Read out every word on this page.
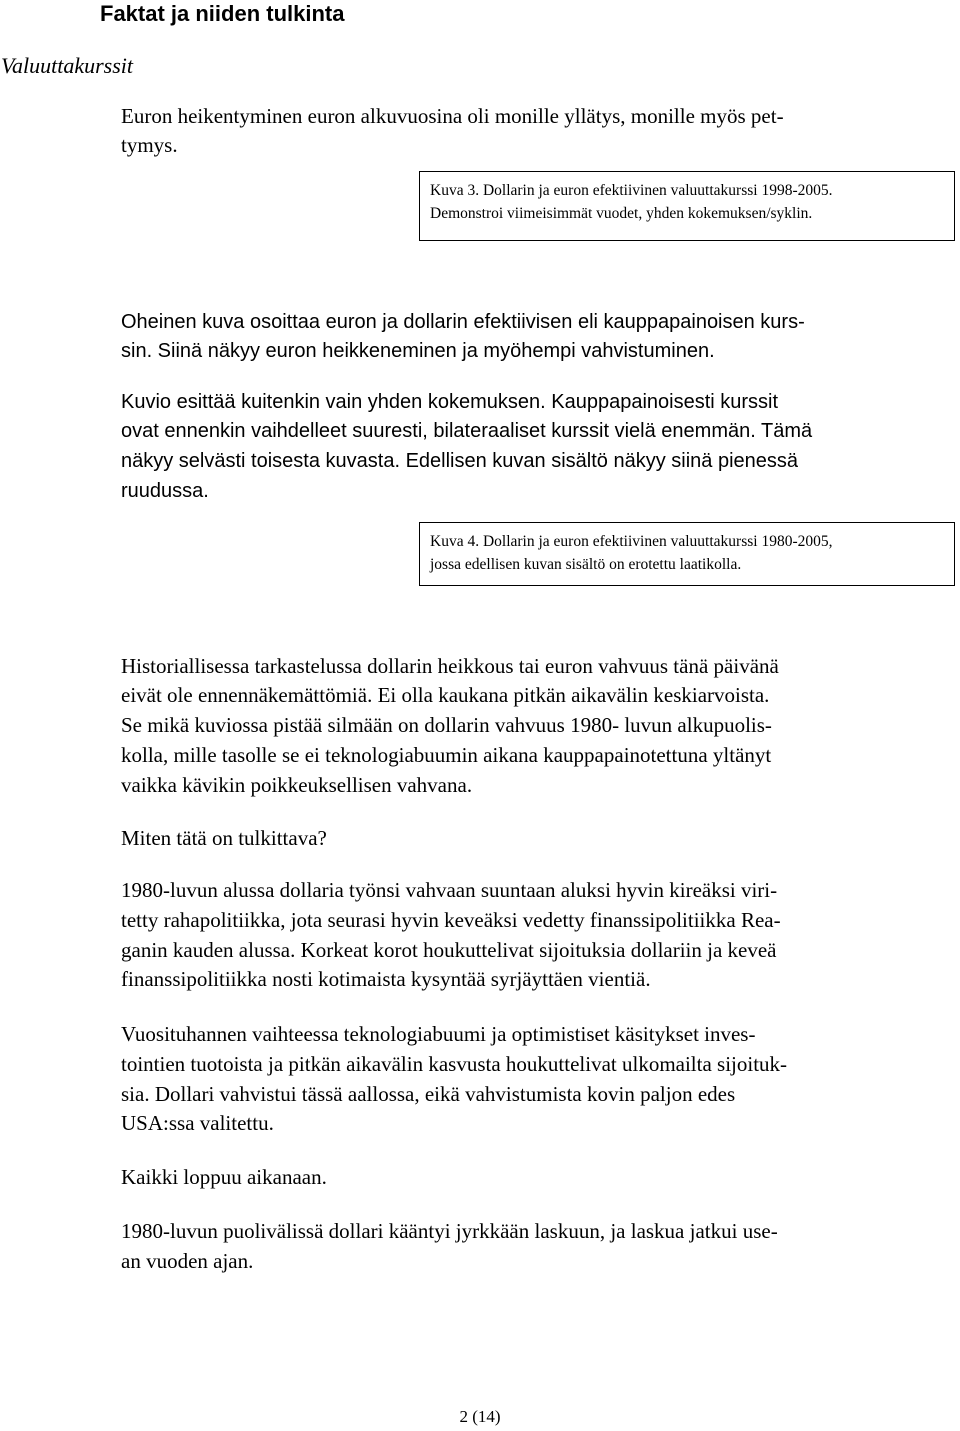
Faktat ja niiden tulkinta
Valuuttakurssit
Euron heikentyminen euron alkuvuosina oli monille yllätys, monille myös pet-
tymys.
Kuva 3. Dollarin ja euron efektiivinen valuuttakurssi 1998-2005.
Demonstroi viimeisimmät vuodet, yhden kokemuksen/syklin.
Oheinen kuva osoittaa euron ja dollarin efektiivisen eli kauppapainoisen kurs-
sin. Siinä näkyy euron heikkeneminen ja myöhempi vahvistuminen.
Kuvio esittää kuitenkin vain yhden kokemuksen. Kauppapainoisesti kurssit
ovat ennenkin vaihdelleet suuresti, bilateraaliset kurssit vielä enemmän. Tämä
näkyy selvästi toisesta kuvasta. Edellisen kuvan sisältö näkyy siinä pienessä
ruudussa.
Kuva 4. Dollarin ja euron efektiivinen valuuttakurssi 1980-2005,
jossa edellisen kuvan sisältö on erotettu laatikolla.
Historiallisessa tarkastelussa dollarin heikkous tai euron vahvuus tänä päivänä
eivät ole ennennäkemättömiä. Ei olla kaukana pitkän aikavälin keskiarvoista.
Se mikä kuviossa pistää silmään on dollarin vahvuus 1980- luvun alkupuolis-
kolla, mille tasolle se ei teknologiabuumin aikana kauppapainotettuna yltänyt
vaikka kävikin poikkeuksellisen vahvana.
Miten tätä on tulkittava?
1980-luvun alussa dollaria työnsi vahvaan suuntaan aluksi hyvin kireäksi viri-
tetty rahapolitiikka, jota seurasi hyvin keveäksi vedetty finanssipolitiikka Rea-
ganin kauden alussa. Korkeat korot houkuttelivat sijoituksia dollariin ja keveä
finanssipolitiikka nosti kotimaista kysyntää syrjäyttäen vientiä.
Vuosituhannen vaihteessa teknologiabuumi ja optimistiset käsitykset inves-
tointien tuotoista ja pitkän aikavälin kasvusta houkuttelivat ulkomailta sijoituk-
sia. Dollari vahvistui tässä aallossa, eikä vahvistumista kovin paljon edes
USA:ssa valitettu.
Kaikki loppuu aikanaan.
1980-luvun puolivälissä dollari kääntyi jyrkkään laskuun, ja laskua jatkui use-
an vuoden ajan.
2 (14)
